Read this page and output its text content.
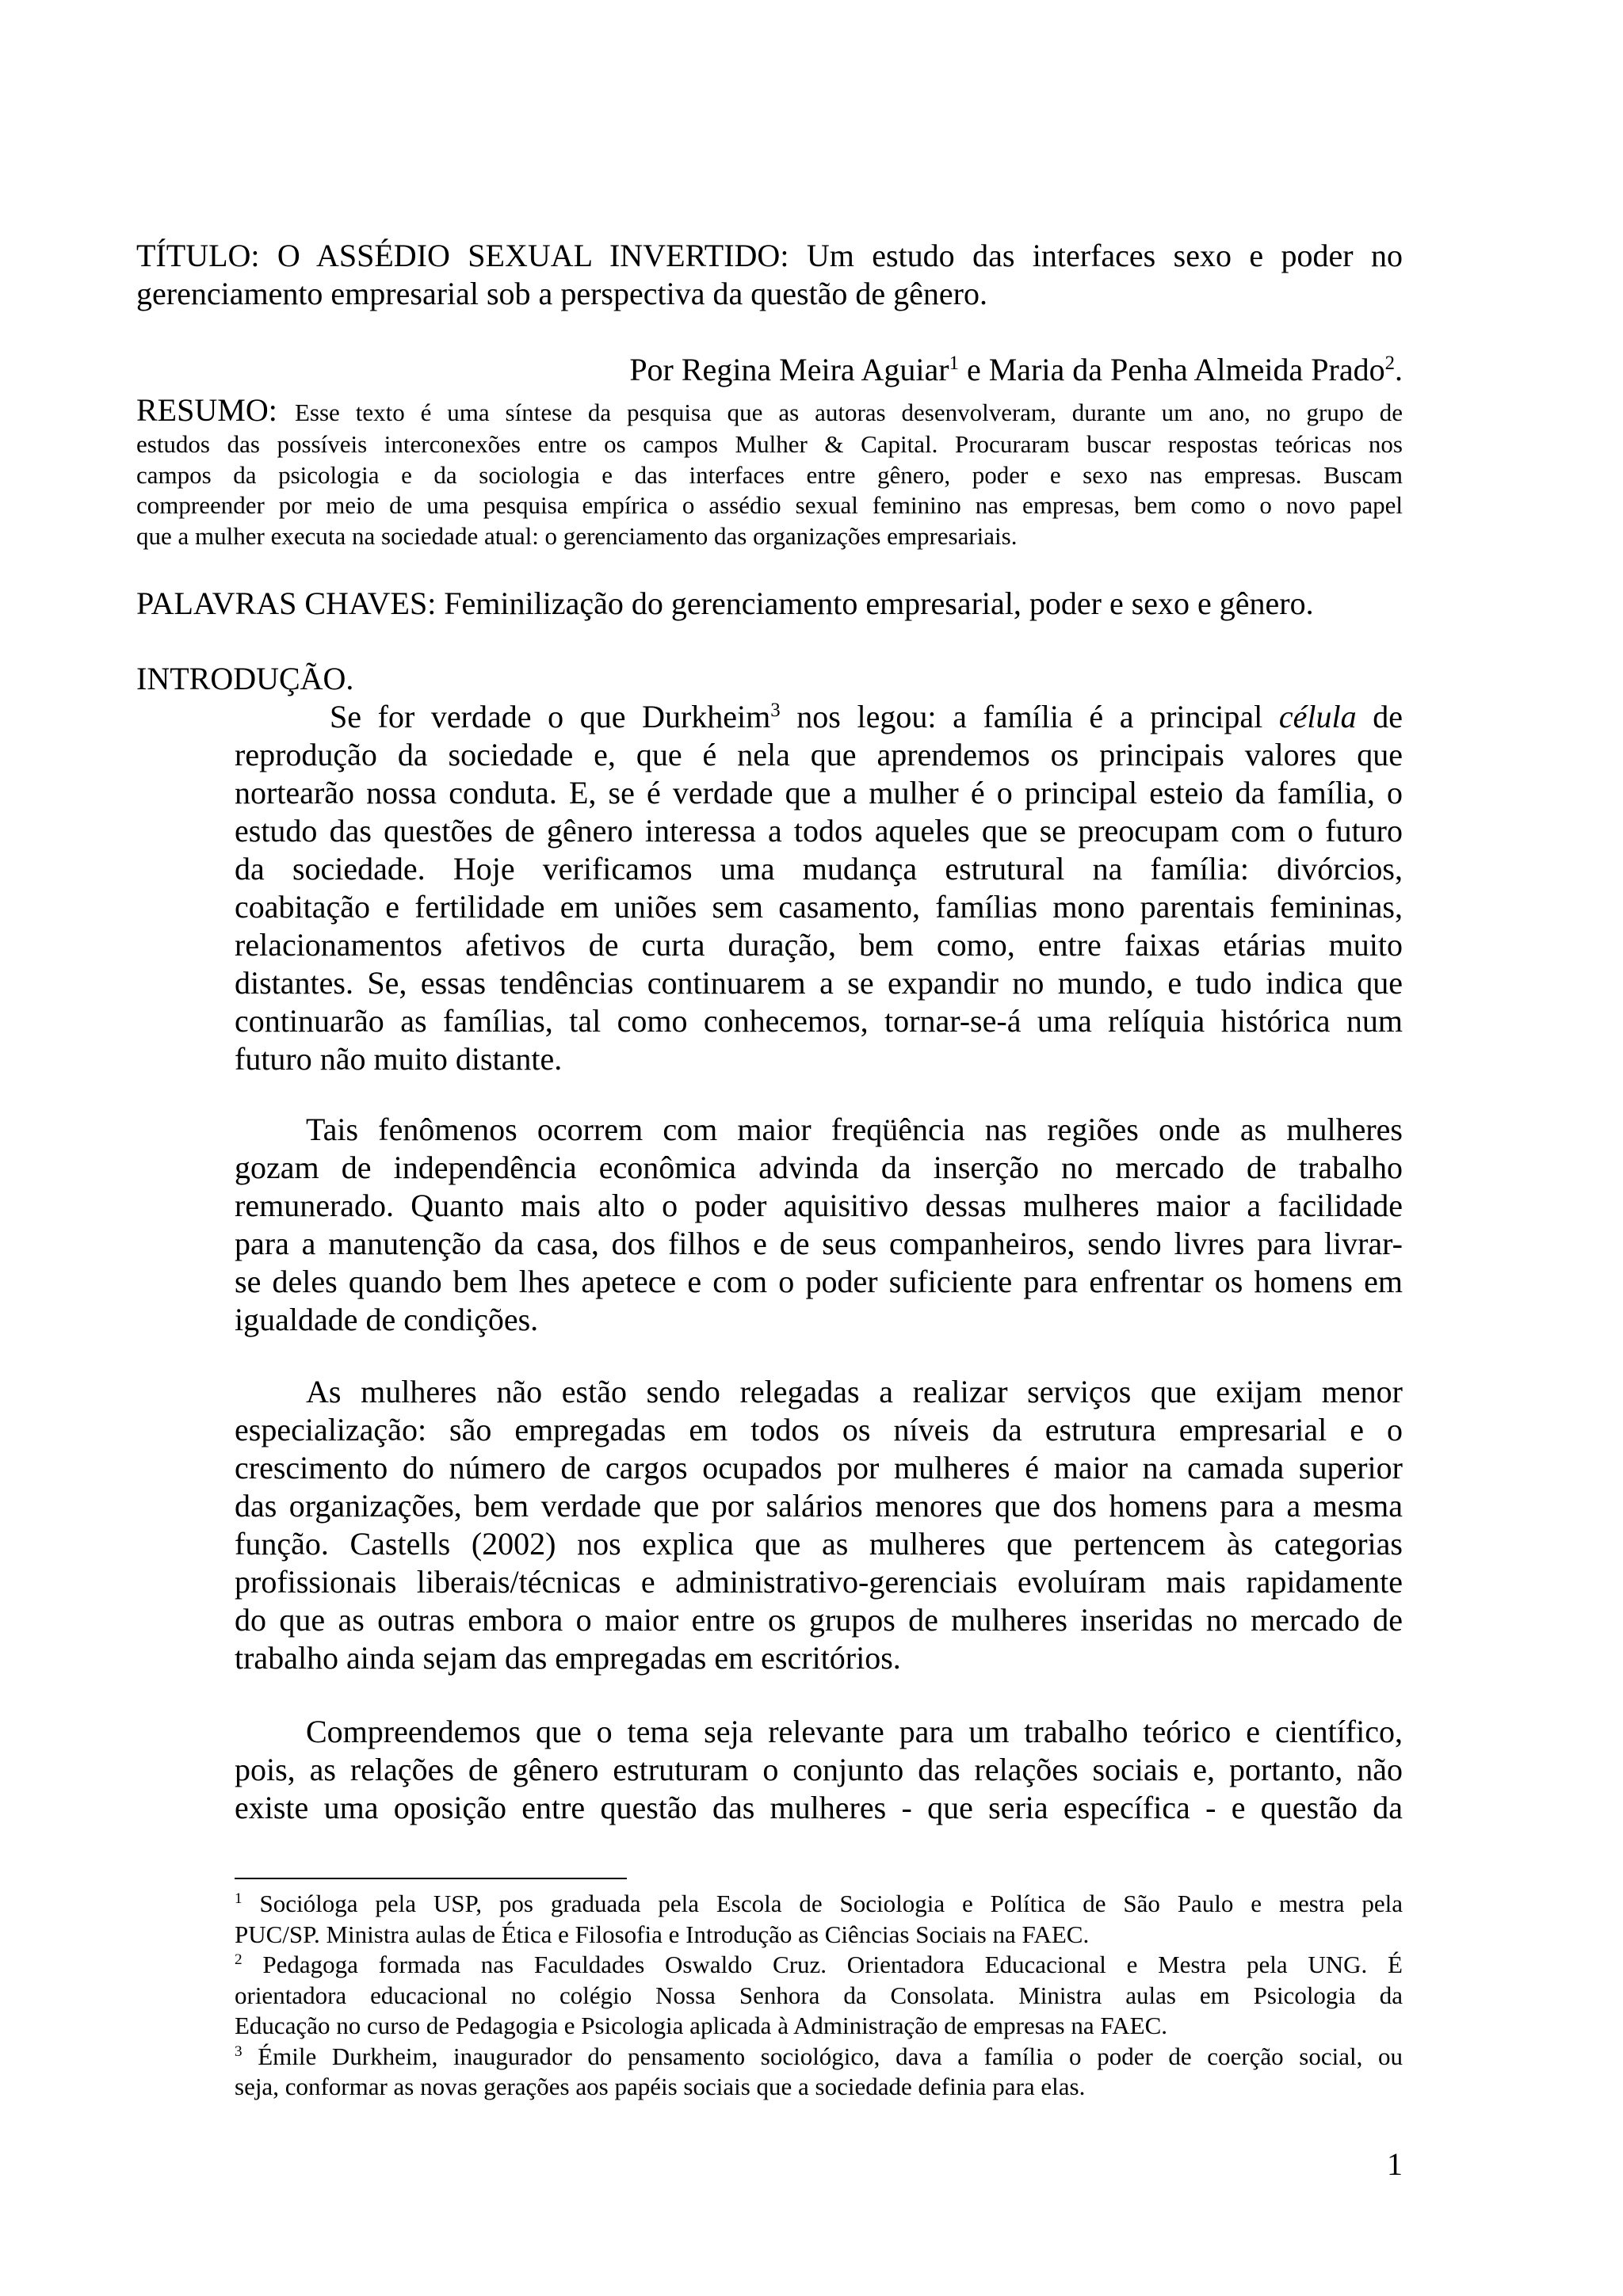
TÍTULO: O ASSÉDIO SEXUAL INVERTIDO: Um estudo das interfaces sexo e poder no
gerenciamento empresarial sob a perspectiva da questão de gênero.
Por Regina Meira Aguiar$^1$ e Maria da Penha Almeida Prado$^2$.
RESUMO: Esse texto é uma síntese da pesquisa que as autoras desenvolveram, durante um ano, no grupo de
estudos das possíveis interconexões entre os campos Mulher & Capital. Procuraram buscar respostas teóricas nos
campos da psicologia e da sociologia e das interfaces entre gênero, poder e sexo nas empresas. Buscam
compreender por meio de uma pesquisa empírica o assédio sexual feminino nas empresas, bem como o novo papel
que a mulher executa na sociedade atual: o gerenciamento das organizações empresariais.
PALAVRAS CHAVES: Feminilização do gerenciamento empresarial, poder e sexo e gênero.
INTRODUÇÃO.
Se for verdade o que Durkheim$^3$ nos legou: a família é a principal célula de
reprodução da sociedade e, que é nela que aprendemos os principais valores que
nortearão nossa conduta. E, se é verdade que a mulher é o principal esteio da família, o
estudo das questões de gênero interessa a todos aqueles que se preocupam com o futuro
da sociedade. Hoje verificamos uma mudança estrutural na família: divórcios,
coabitação e fertilidade em uniões sem casamento, famílias mono parentais femininas,
relacionamentos afetivos de curta duração, bem como, entre faixas etárias muito
distantes. Se, essas tendências continuarem a se expandir no mundo, e tudo indica que
continuarão as famílias, tal como conhecemos, tornar-se-á uma relíquia histórica num
futuro não muito distante.
Tais fenômenos ocorrem com maior freqüência nas regiões onde as mulheres
gozam de independência econômica advinda da inserção no mercado de trabalho
remunerado. Quanto mais alto o poder aquisitivo dessas mulheres maior a facilidade
para a manutenção da casa, dos filhos e de seus companheiros, sendo livres para livrar-
se deles quando bem lhes apetece e com o poder suficiente para enfrentar os homens em
igualdade de condições.
As mulheres não estão sendo relegadas a realizar serviços que exijam menor
especialização: são empregadas em todos os níveis da estrutura empresarial e o
crescimento do número de cargos ocupados por mulheres é maior na camada superior
das organizações, bem verdade que por salários menores que dos homens para a mesma
função. Castells (2002) nos explica que as mulheres que pertencem às categorias
profissionais liberais/técnicas e administrativo-gerenciais evoluíram mais rapidamente
do que as outras embora o maior entre os grupos de mulheres inseridas no mercado de
trabalho ainda sejam das empregadas em escritórios.
Compreendemos que o tema seja relevante para um trabalho teórico e científico,
pois, as relações de gênero estruturam o conjunto das relações sociais e, portanto, não
existe uma oposição entre questão das mulheres - que seria específica - e questão da
$^1$ Socióloga pela USP, pos graduada pela Escola de Sociologia e Política de São Paulo e mestra pela
PUC/SP. Ministra aulas de Ética e Filosofia e Introdução as Ciências Sociais na FAEC.
$^2$ Pedagoga formada nas Faculdades Oswaldo Cruz. Orientadora Educacional e Mestra pela UNG. É
orientadora educacional no colégio Nossa Senhora da Consolata. Ministra aulas em Psicologia da
Educação no curso de Pedagogia e Psicologia aplicada à Administração de empresas na FAEC.
$^3$ Émile Durkheim, inaugurador do pensamento sociológico, dava a família o poder de coerção social, ou
seja, conformar as novas gerações aos papéis sociais que a sociedade definia para elas.
1
